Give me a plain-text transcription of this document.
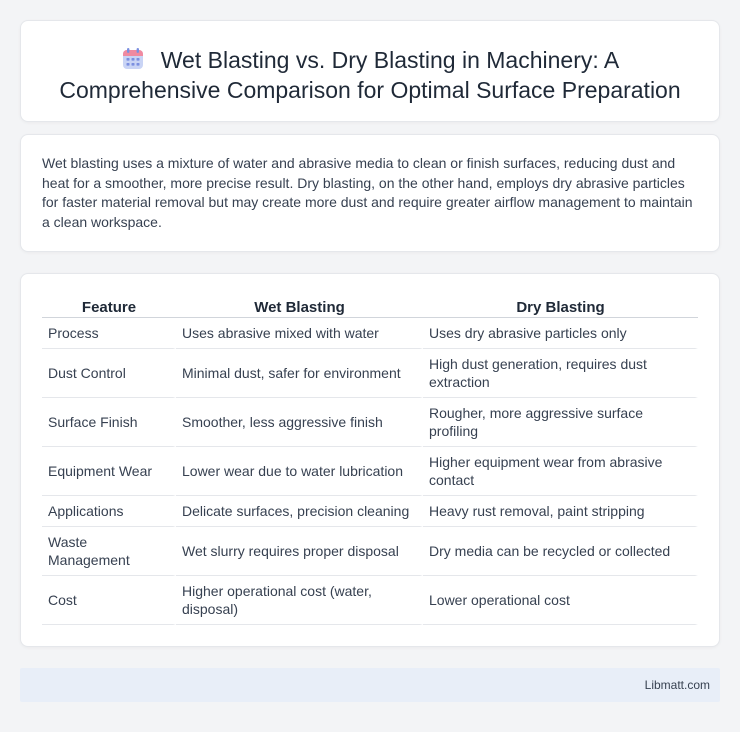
Wet Blasting vs. Dry Blasting in Machinery: A Comprehensive Comparison for Optimal Surface Preparation

Wet blasting uses a mixture of water and abrasive media to clean or finish surfaces, reducing dust and heat for a smoother, more precise result. Dry blasting, on the other hand, employs dry abrasive particles for faster material removal but may create more dust and require greater airflow management to maintain a clean workspace.

Feature	Wet Blasting	Dry Blasting
Process	Uses abrasive mixed with water	Uses dry abrasive particles only
Dust Control	Minimal dust, safer for environment	High dust generation, requires dust extraction
Surface Finish	Smoother, less aggressive finish	Rougher, more aggressive surface profiling
Equipment Wear	Lower wear due to water lubrication	Higher equipment wear from abrasive contact
Applications	Delicate surfaces, precision cleaning	Heavy rust removal, paint stripping
Waste Management	Wet slurry requires proper disposal	Dry media can be recycled or collected
Cost	Higher operational cost (water, disposal)	Lower operational cost
Libmatt.com
